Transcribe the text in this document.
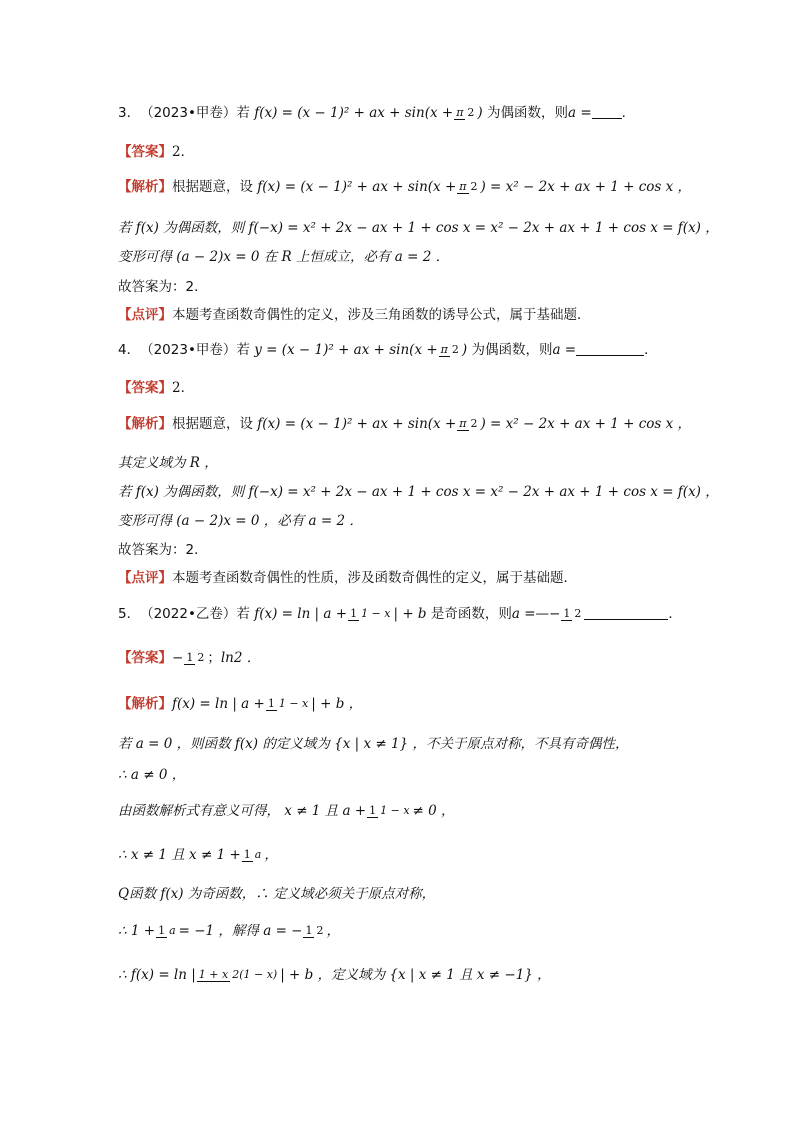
3．（2023•甲卷）若 f(x) = (x − 1)² + ax + sin(x +π 2 ) 为偶函数，则a =．
【答案】2．
【解析】根据题意，设 f(x) = (x − 1)² + ax + sin(x +π 2 ) = x² − 2x + ax + 1 + cos x ，
若 f(x) 为偶函数，则 f(−x) = x² + 2x − ax + 1 + cos x = x² − 2x + ax + 1 + cos x = f(x) ，
变形可得 (a − 2)x = 0 在 R 上恒成立，必有 a = 2 ．
故答案为：2．
【点评】本题考查函数奇偶性的定义，涉及三角函数的诱导公式，属于基础题．
4．（2023•甲卷）若 y = (x − 1)² + ax + sin(x +π 2 ) 为偶函数，则a =	．
【答案】2．
【解析】根据题意，设 f(x) = (x − 1)² + ax + sin(x +π 2 ) = x² − 2x + ax + 1 + cos x ，
其定义域为 R ，
若 f(x) 为偶函数，则 f(−x) = x² + 2x − ax + 1 + cos x = x² − 2x + ax + 1 + cos x = f(x) ，
变形可得 (a − 2)x = 0 ，必有 a = 2 ．
故答案为：2．
【点评】本题考查函数奇偶性的性质，涉及函数奇偶性的定义，属于基础题．
5．（2022•乙卷）若 f(x) = ln | a +1 1 − x| + b 是奇函数，则a =—− 1 2	．
【答案】− 1 2 ；ln2 ．
【解析】f(x) = ln | a +1 1 − x| + b ，
若 a = 0 ，则函数 f(x) 的定义域为 {x | x ≠ 1} ，不关于原点对称，不具有奇偶性，
∴ a ≠ 0 ，
由函数解析式有意义可得， x ≠ 1 且 a +1 1 − x≠ 0 ，
∴ x ≠ 1 且 x ≠ 1 +1 a，
Q函数 f(x) 为奇函数，∴ 定义域必须关于原点对称，
∴ 1 +1 a= −1 ，解得 a = −1 2，
∴ f(x) = ln |1 + x 2(1 − x)| + b ，定义域为 {x | x ≠ 1 且 x ≠ −1} ，
